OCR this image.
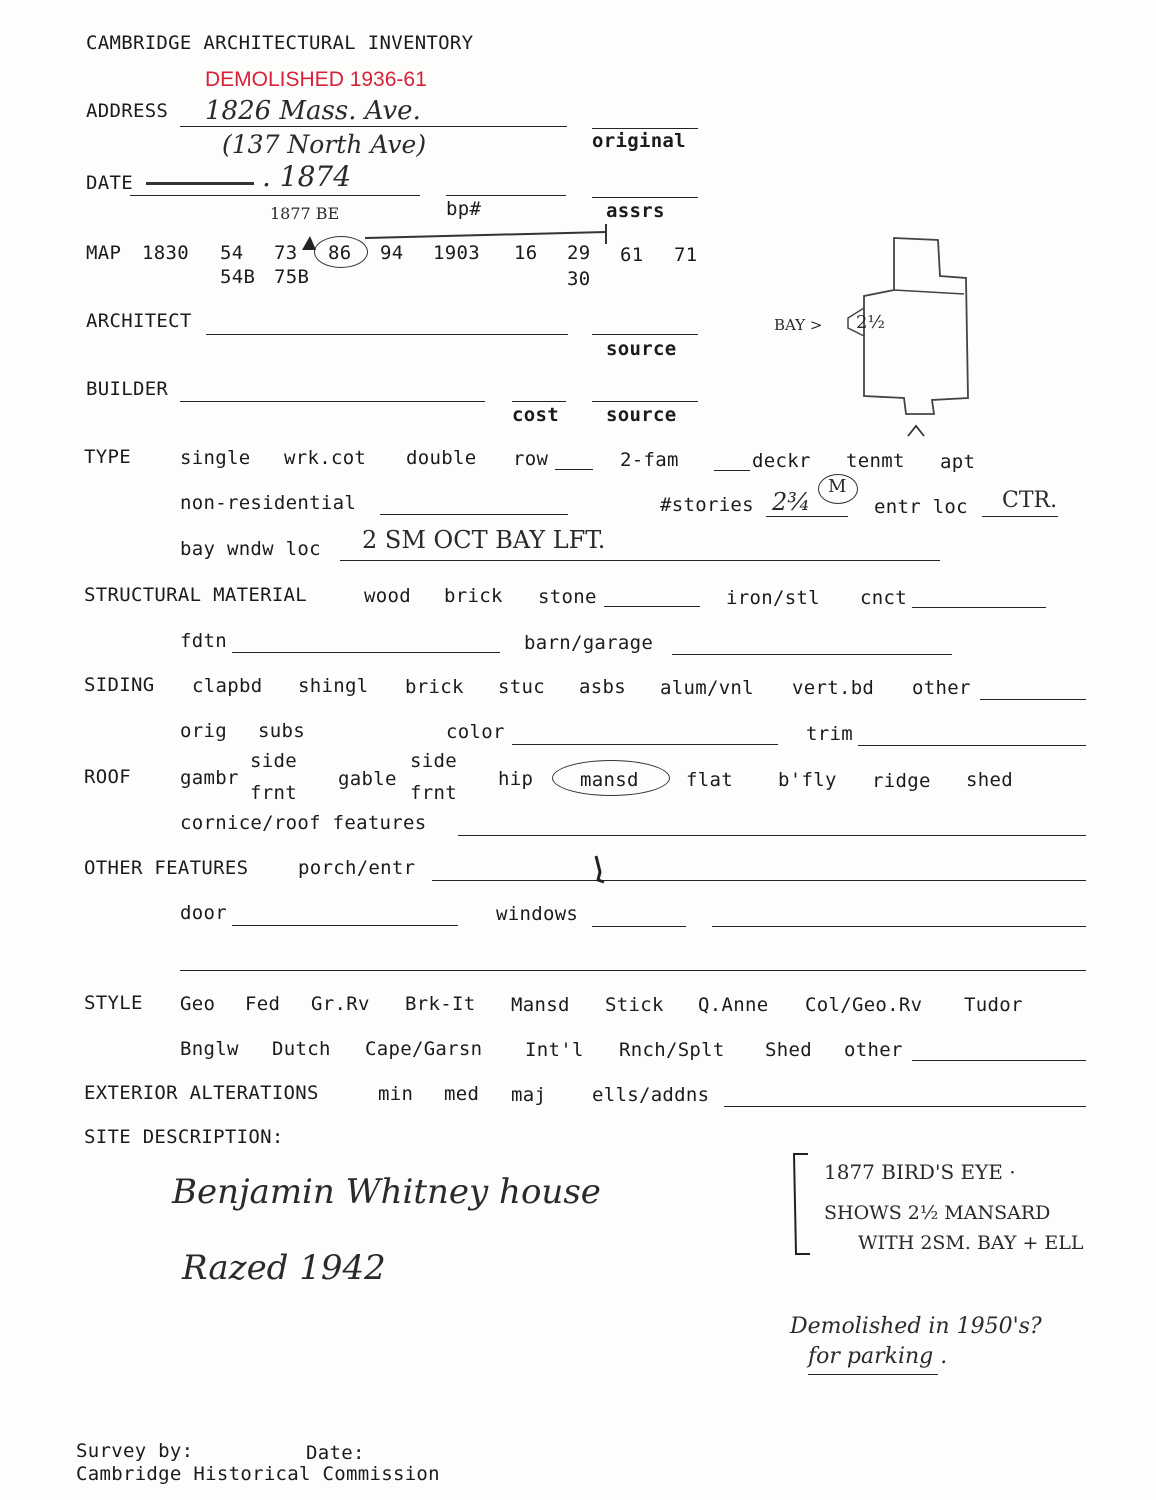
CAMBRIDGE ARCHITECTURAL INVENTORY
DEMOLISHED 1936-61
ADDRESS 1826 Mass. Ave.
(137 North Ave)	original
DATE	. 1874
bp#	assrs
1877 BE
MAP 1830 54 73 86 94 1903 16 29 61 71
54B 75B	30
BAY > 2½
ARCHITECT
source
BUILDER
cost source
TYPE	single wrk.cot double row	2-fam	deckr tenmt apt
non-residential	#stories 2¾
M
entr loc CTR.
bay wndw loc 2 SM OCT BAY LFT.
STRUCTURAL MATERIAL	wood brick stone	iron/stl cnct
fdtn	barn/garage
SIDING clapbd shingl brick stuc asbs alum/vnl vert.bd other
orig subs	color	trim
ROOF	gambr
side
frnt
gable
side
frnt
hip mansd flat b'fly ridge shed
cornice/roof features
OTHER FEATURES	porch/entr
door	windows
STYLE Geo Fed Gr.Rv Brk-It Mansd Stick Q.Anne Col/Geo.Rv Tudor
Bnglw Dutch Cape/Garsn Int'l Rnch/Splt Shed other
EXTERIOR ALTERATIONS	min med maj ells/addns
SITE DESCRIPTION:
Benjamin Whitney house
Razed 1942
1877 BIRD'S EYE ·
SHOWS 2½ MANSARD
WITH 2SM. BAY + ELL
Demolished in 1950's?
for parking .
Survey by:	Date:
Cambridge Historical Commission
